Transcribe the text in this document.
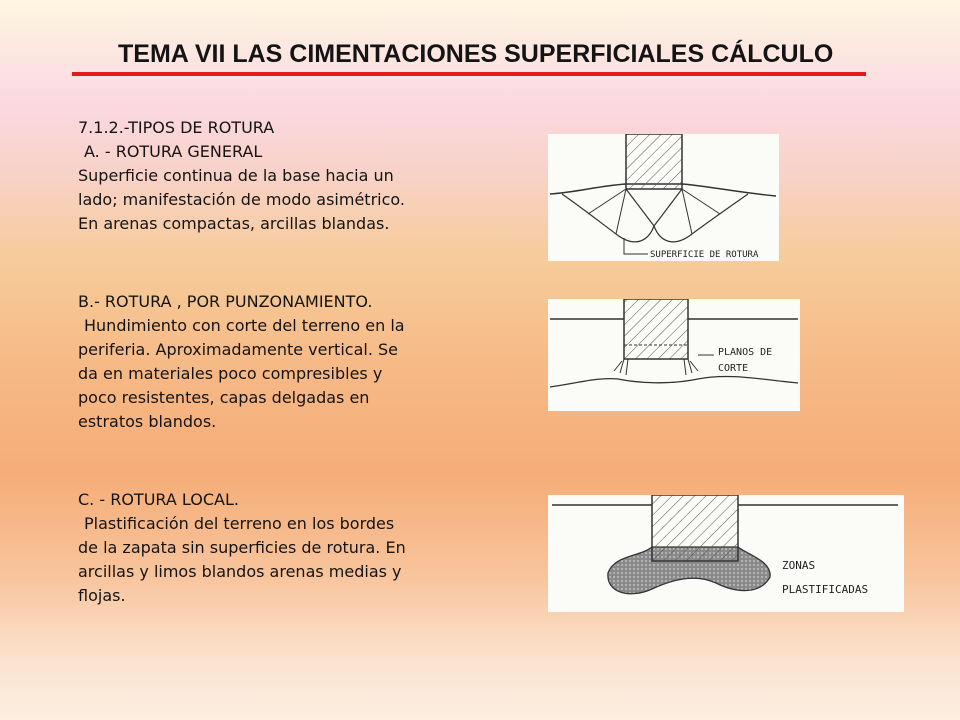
TEMA VII LAS CIMENTACIONES SUPERFICIALES CÁLCULO

7.1.2.-TIPOS DE ROTURA

A. - ROTURA GENERAL

Superficie continua de la base hacia un

lado; manifestación de modo asimétrico.

En arenas compactas, arcillas blandas.

B.- ROTURA , POR PUNZONAMIENTO.

Hundimiento con corte del terreno en la

periferia. Aproximadamente vertical. Se

da en materiales poco compresibles y

poco resistentes, capas delgadas en

estratos blandos.

C. - ROTURA LOCAL.

Plastificación del terreno en los bordes

de la zapata sin superficies de rotura. En

arcillas y limos blandos arenas medias y

flojas.

SUPERFICIE DE ROTURA
PLANOS DE
CORTE
ZONAS
PLASTIFICADAS
